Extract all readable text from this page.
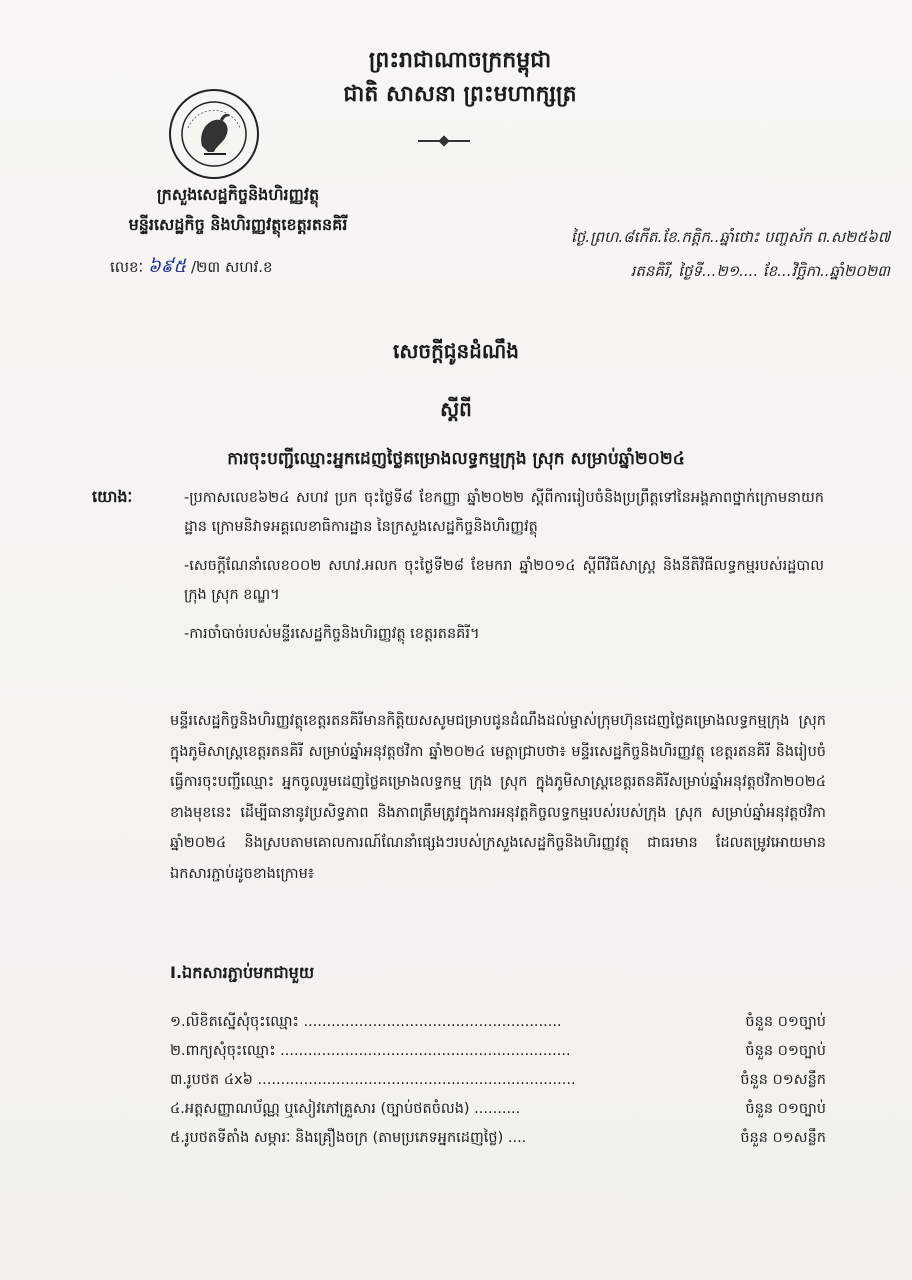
ព្រះរាជាណាចក្រកម្ពុជា
ជាតិ សាសនា ព្រះមហាក្សត្រ
ក្រសួងសេដ្ឋកិច្ចនិងហិរញ្ញវត្ថុ
មន្ទីរសេដ្ឋកិច្ច និងហិរញ្ញវត្ថុខេត្តរតនគិរី
លេខៈ ៦៩៥ /២៣ សហវ.ខ
ថ្ងៃ.ព្រហ.៨កើត.ខែ.កត្តិក..ឆ្នាំថោះ បញ្ចស័ក ព.ស២៥៦៧
រតនគិរី, ថ្ងៃទី...២១.... ខែ...វិច្ឆិកា..ឆ្នាំ២០២៣
សេចក្ដីជូនដំណឹង
ស្ដីពី
ការចុះបញ្ជីឈ្មោះអ្នកដេញថ្លៃគម្រោងលទ្ធកម្មក្រុង ស្រុក សម្រាប់ឆ្នាំ២០២៤
យោងៈ	-ប្រកាសលេខ៦២៤ សហវ ប្រក ចុះថ្ងៃទី៨ ខែកញ្ញា ឆ្នាំ២០២២ ស្ដីពីការរៀបចំនិងប្រព្រឹត្តទៅនៃអង្គភាពថ្នាក់ក្រោមនាយកដ្ឋាន ក្រោមនិវាទអគ្គលេខាធិការដ្ឋាន នៃក្រសួងសេដ្ឋកិច្ចនិងហិរញ្ញវត្ថុ

-សេចក្ដីណែនាំលេខ០០២ សហវ.អលក ចុះថ្ងៃទី២៨ ខែមករា ឆ្នាំ២០១៤ ស្ដីពីវិធីសាស្ត្រ និងនីតិវិធីលទ្ធកម្មរបស់រដ្ឋបាលក្រុង ស្រុក ខណ្ឌ។

-ការចាំបាច់របស់មន្ទីរសេដ្ឋកិច្ចនិងហិរញ្ញវត្ថុ ខេត្តរតនគិរី។

មន្ទីរសេដ្ឋកិច្ចនិងហិរញ្ញវត្ថុខេត្តរតនគិរីមានកិត្តិយសសូមជម្រាបជូនដំណឹងដល់ម្ចាស់ក្រុមហ៊ុនដេញថ្លៃគម្រោងលទ្ធកម្មក្រុង ស្រុក ក្នុងភូមិសាស្ត្រខេត្តរតនគិរី សម្រាប់ឆ្នាំអនុវត្តថវិកា ឆ្នាំ២០២៤ មេត្តាជ្រាបថា៖ មន្ទីរសេដ្ឋកិច្ចនិងហិរញ្ញវត្ថុ ខេត្តរតនគិរី និងរៀបចំធ្វើការចុះបញ្ជីឈ្មោះ អ្នកចូលរួមដេញថ្លៃគម្រោងលទ្ធកម្ម ក្រុង ស្រុក ក្នុងភូមិសាស្ត្រខេត្តរតនគិរីសម្រាប់ឆ្នាំអនុវត្តថវិកា២០២៤ ខាងមុខនេះ ដើម្បីធានានូវប្រសិទ្ធភាព និងភាពត្រឹមត្រូវក្នុងការអនុវត្តកិច្ចលទ្ធកម្មរបស់របស់ក្រុង ស្រុក សម្រាប់ឆ្នាំអនុវត្តថវិកាឆ្នាំ២០២៤ និងស្របតាមគោលការណ៍ណែនាំផ្សេងៗរបស់ក្រសួងសេដ្ឋកិច្ចនិងហិរញ្ញវត្ថុ ជាធរមាន ដែលតម្រូវអោយមានឯកសារភ្ជាប់ដូចខាងក្រោម៖

I.ឯកសារភ្ជាប់មកជាមួយ
១.លិខិតស្នើសុំចុះឈ្មោះ ........................................................	ចំនួន ០១ច្បាប់
២.ពាក្យសុំចុះឈ្មោះ ...............................................................	ចំនួន ០១ច្បាប់
៣.រូបថត ៤x៦ .....................................................................	ចំនួន ០១សន្លឹក
៤.អត្តសញ្ញាណប័ណ្ណ ឬសៀវភៅគ្រួសារ (ច្បាប់ថតចំលង) ..........	ចំនួន ០១ច្បាប់
៥.រូបថតទីតាំង សម្ភារៈ និងគ្រឿងចក្រ (តាមប្រភេទអ្នកដេញថ្លៃ) ....	ចំនួន ០១សន្លឹក
